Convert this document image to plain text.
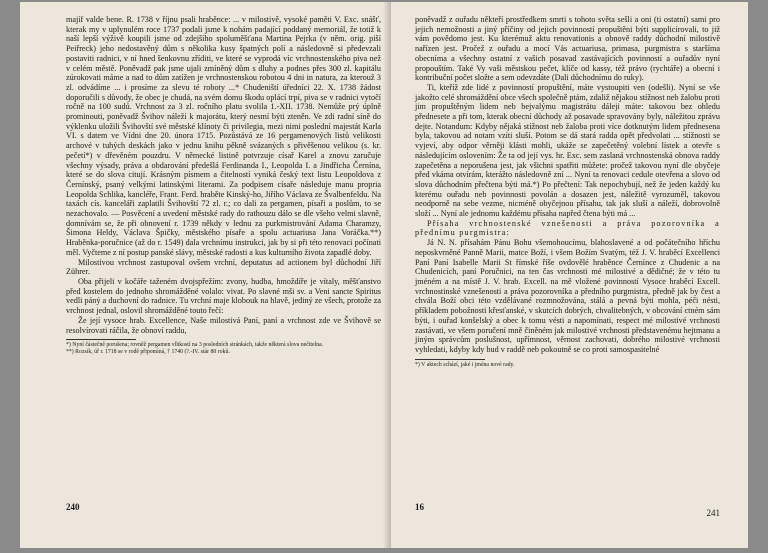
majíf valde bene. R. 1738 v říjnu psali hraběnce: ... v milostivě, vysoké paměti V. Exc. snášť, kterak my v uplynulém roce 1737 podali jsme k nohám padající poddaný memoriál, že totiž k naší lepší výživě koupili jsme od zdejšího spoluměšťana Martina Pejrka (v něm. orig. piší Peiřreck) jeho nedostavěný dům s několika kusy špatných polí a následovně si předevzali postaviti radnici, v ní hned šenkovnu zříditi, ve které se vyprodá víc vrchnostenského piva než v celém městě. Poněvadž pak jsme ujali zmíněný dům s dluhy a podnes přes 300 zl. kapitálu zúrokovati máme a nad to dům zatížen je vrchnostenskou robotou 4 dni in natura, za kterouž 3 zl. odvádíme ... i prosíme za slevu té roboty ...* Chudeniští úředníci 22. X. 1738 žádost doporučili s důvody, že obec je chudá, na svém domu škodu oplácí trpí, piva se v radnici vytočí ročně na 100 sudů. Vrchnost za 3 zl. ročního platu svolila 1.-XII. 1738. Nemůže prý úplně prominouti, poněvadž Švihov náleží k majorátu, který nesmí býti zteněn. Ve zdi radní síně do výklenku uložili Švihovští své městské klínoty či privilegia, mezi nimi poslední majestát Karla VI. s datem ve Vídni dne 20. února 1715. Pozůstává ze 16 pergamenových listů velikosti archové v tuhých deskách jako v jednu knihu pěkně svázaných s přivěšenou velikou (s. kr. pečetí*) v dřevěném pouzdru. V německé listině potvrzuje císař Karel a znovu zaručuje všechny výsady, práva a obdarování předešlá Ferdinanda I., Leopolda I. a Jindřicha Černína, které se do slova citují. Krásným písmem a čitelností vyniká český text listu Leopoldova z Černínský, psaný velkými latinskými literami. Za podpisem císaře následuje manu propria Leopolda Schlika, kancléře, Frant. Ferd. hraběte Kinský-ho, Jiřího Václava ze Švalbenfeldu. Na taxách cís. kanceláři zaplatili Švihovští 72 zl. r.; co dali za pergamen, písaři a poslům, to se nezachovalo. — Posvěcení a uvedení městské rady do rathouzu dálo se dle všeho velmi slavně, domnívám se, že při obnovení r. 1739 někdy v lednu za purkmistrování Adama Charamzy, Šimona Heldy, Václava Špičky, městského písaře a spolu actuariusa Jana Voráčka.**) Hraběnka-poručnice (až do r. 1549) dala vrchnímu instrukci, jak by si při této renovaci počínati měl. Vyčteme z ní postup panské slávy, městské radosti a kus kulturního života zapadlé doby.

Milostivou vrchnost zastupoval ovšem vrchní, deputatus ad actionem byl důchodní Jiří Zührer.

Oba přijeli v kočáře taženém dvojspřežím: zvony, hudba, hmoždíře je vítaly, měšťanstvo před kostelem do jednoho shromážděné volalo: vivat. Po slavné mši sv. a Veni sancte Spiritus vedli páný a duchovní do radnice. Tu vrchní maje klobouk na hlavě, jediný ze všech, protože za vrchnost jednal, oslovil shromážděné touto řečí:

Že její vysoce hrab. Excellence, Naše milostivá Paní, paní a vrchnost zde ve Švihově se resolvírovati ráčila, že obnoví raddu,

*) Nyní částečně porušena; rovněž pergamen vlhkostí na 3 posledních stránkách, takže některá slova nečitelna.

**) Rozsík, úř r. 1718 se v rodě připomíná, † 1740 (?.-IV. stár 80 roků.

240

poněvadž z ouřadu někteří prostředkem smrti s tohoto světa sešli a oni (ti ostatní) sami pro jejich nemožnosti a jiný příčiny od jejich povinností propuštěni býti supplicírovali, to již vám povědomo jest. Ku kterémuž aktu renovationis a obnově raddy důchodní milostivě nařízen jest. Pročež z ouřadu a mocí Vás actuariusa, primasa, purgmistra s staršíma obecníma a všechny ostatní z vašich posavad zastávajících povinností a ouřadův nyní propouštím. Také Vy vaši městskou pečet, klíče od kassy, též právo (rychtáře) a obecní i kontribuční počet složte a sem odevzdáte (Dali důchodnímu do ruky).

Ti, kteříž zde lidé z povinností propuštění, máte vystoupiti ven (odešli). Nyní se vše jakožto celé shromáždění obce všech společně ptám, zdaliž nějakou stížnost neb žalobu proti jim propuštěným lidem neb bejvalýmu magistrátu dáleji máte: takovou bez ohledu přednesete a při tom, kterak obecní důchody až posavade spravovány byly, náležitou zprávu dejte. Notandum: Kdyby nějaká stížnost neb žaloba proti více dotknutým lidem přednesena byla, takovou ad notam vzíti sluší. Potom se dá stará radda opět předvolati ... stížnosti se vyjeví, aby odpor věrněji klásti mohli, ukáže se zapečetěný volební lístek a otevře s následujícím oslovením: Že ta od její vys. hr. Exc. sem zaslaná vrchnostenská obnova raddy zapečetěna a neporušena jest, jak všichni spatřiti můžete: pročež takovou nyní dle obyčeje před vkáma otvírám, kterážto následovně zní ... Nyní ta renovaci cedule otevřena a slovo od slova důchodním přečtena býti má.*) Po přečtení: Tak nepochybují, než že jeden každý ku kterému ouřadu neb povinnosti povolán a dosazen jest, náležitě vyrozuměl, takovou neodporně na sebe vezme, nicméně obyčejnou přísahu, tak jak sluší a náleží, dobrovolně složí ... Nyní ale jednomu každému přísaha napřed čtena býti má ...

Přísaha vrchnostenské vznešenosti a práva pozorovníka a přednímu purgmistra:

Já N. N. přísahám Pánu Bohu všemohoucímu, blahoslavené a od počátečního hříchu neposkvrněné Panně Marii, matce Boží, i všem Božím Svatým, též J. V. hraběcí Excellenci Paní Paní Isabelle Marii St římské říše ovdovělé hraběnce Černínce z Chudenic a na Chudenicích, paní Poručnici, na ten čas vrchnosti mé milostivé a dědičné; že v této tu jméném a na místě J. V. hrab. Excell. na mě vložené povinností Vysoce hraběcí Excell. vrchnostinské vznešenosti a práva pozorovníka a předního purgmistra, předně jak by čest a chvála Boží obci této vzdělávané rozmnožována, stálá a pevná býti mohla, péči nésti, příkladem pobožnosti křesťanské, v skutcích dobrých, chvalitebných, v obcování ctném sám býti, i ouřad konšelský a obec k tomu vésti a napomínati, respect mé milostivé vrchnosti zastávati, ve všem poručení mně činěném jak milostivé vrchnosti představenému hejtmanu a jiným správcům poslušnost, upřímnost, věrnost zachovati, dobrého milostivé vrchnosti vyhledati, kdyby kdy bud v raddě neb pokoutně se co proti samospasitelné

*) V aktech schází, jaké i jména nové rady.

16
241
